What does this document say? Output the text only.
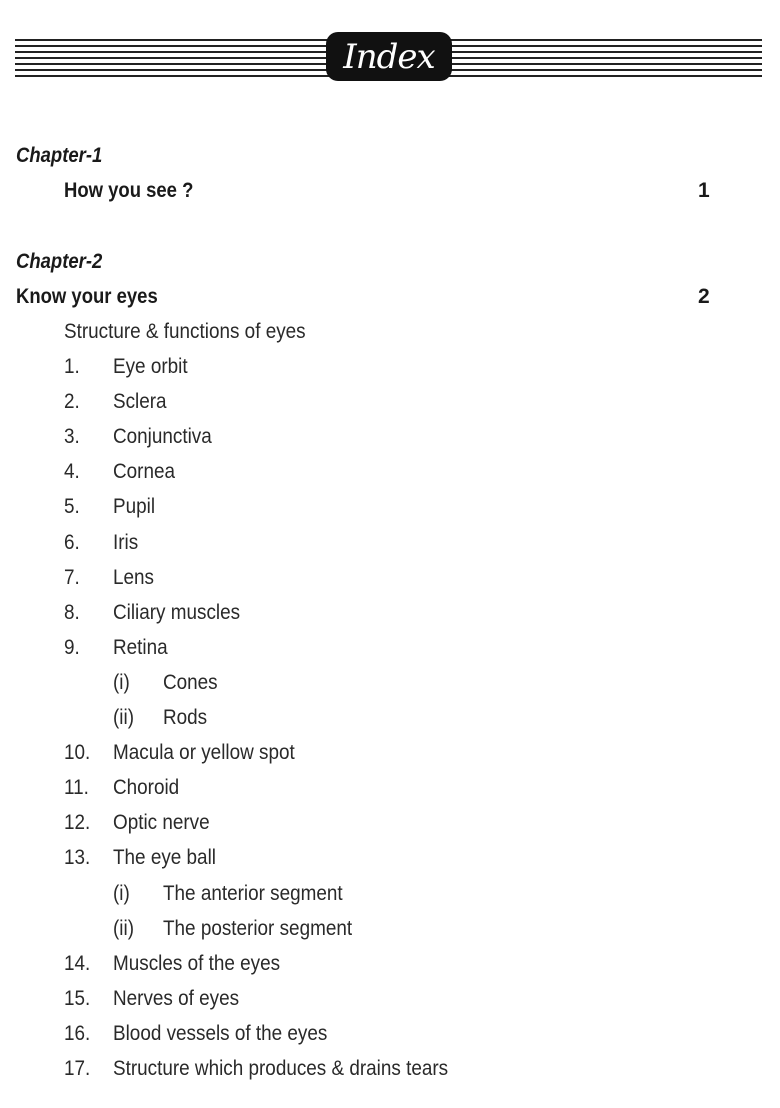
Index
Chapter-1
How you see ?	1
Chapter-2
Know your eyes	2
Structure & functions of eyes
1. Eye orbit
2. Sclera
3. Conjunctiva
4. Cornea
5. Pupil
6. Iris
7. Lens
8. Ciliary muscles
9. Retina
(i) Cones
(ii) Rods
10. Macula or yellow spot
11. Choroid
12. Optic nerve
13. The eye ball
(i) The anterior segment
(ii) The posterior segment
14. Muscles of the eyes
15. Nerves of eyes
16. Blood vessels of the eyes
17. Structure which produces & drains tears
